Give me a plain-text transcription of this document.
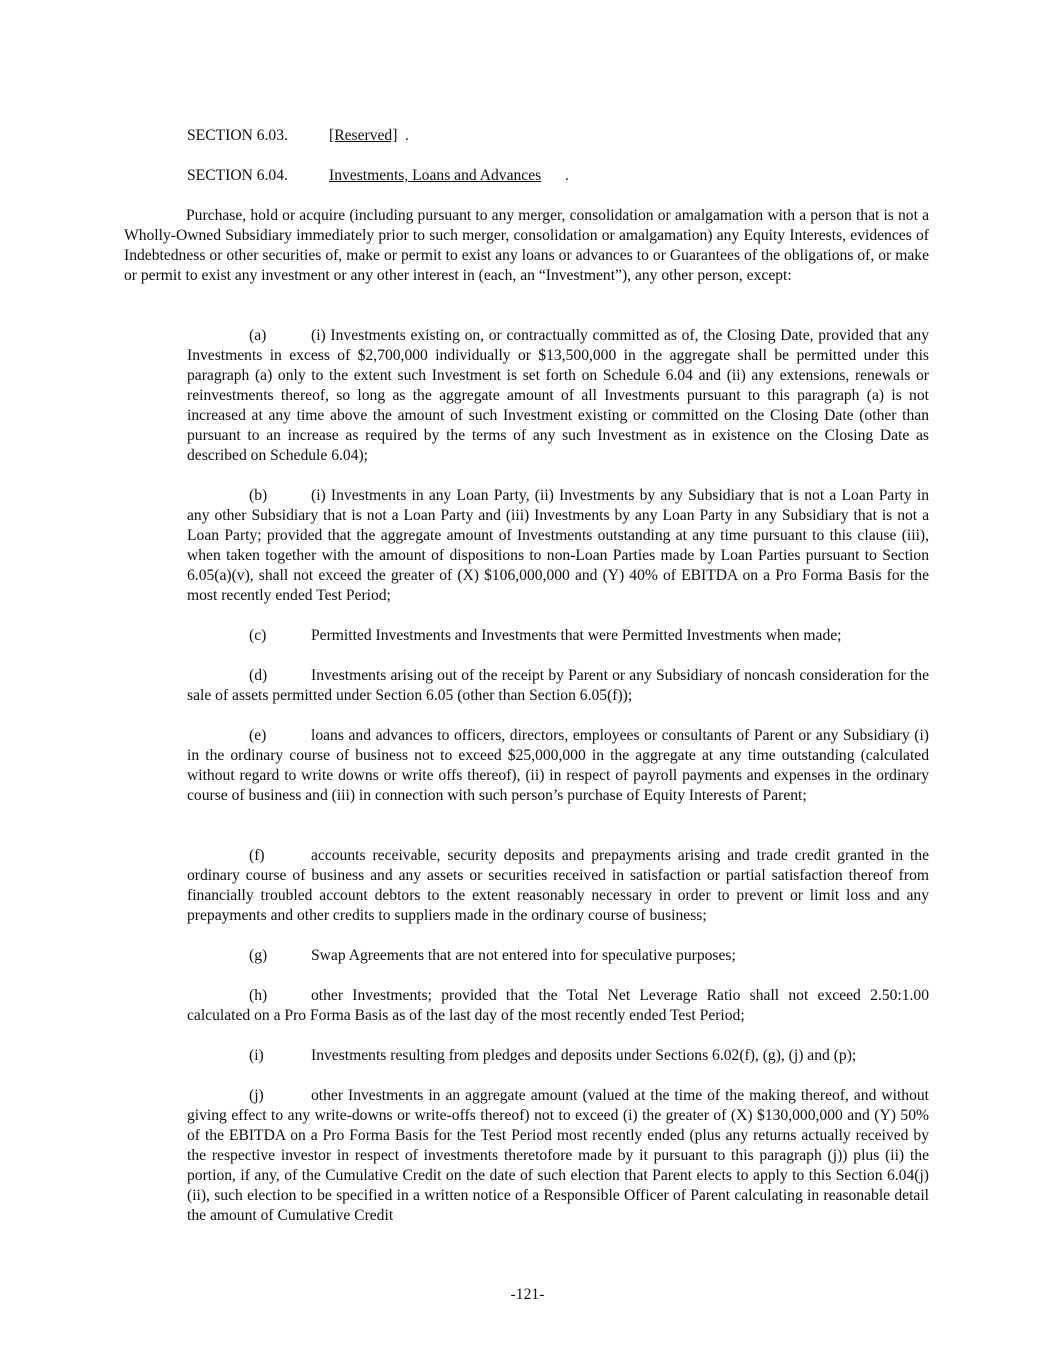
SECTION 6.03.	[Reserved] .
SECTION 6.04.	Investments, Loans and Advances .

Purchase, hold or acquire (including pursuant to any merger, consolidation or amalgamation with a person that is not a Wholly-Owned Subsidiary immediately prior to such merger, consolidation or amalgamation) any Equity Interests, evidences of Indebtedness or other securities of, make or permit to exist any loans or advances to or Guarantees of the obligations of, or make or permit to exist any investment or any other interest in (each, an “Investment”), any other person, except:

(a)	(i) Investments existing on, or contractually committed as of, the Closing Date, provided that any Investments in excess of $2,700,000 individually or $13,500,000 in the aggregate shall be permitted under this paragraph (a) only to the extent such Investment is set forth on Schedule 6.04 and (ii) any extensions, renewals or reinvestments thereof, so long as the aggregate amount of all Investments pursuant to this paragraph (a) is not increased at any time above the amount of such Investment existing or committed on the Closing Date (other than pursuant to an increase as required by the terms of any such Investment as in existence on the Closing Date as described on Schedule 6.04);

(b)	(i) Investments in any Loan Party, (ii) Investments by any Subsidiary that is not a Loan Party in any other Subsidiary that is not a Loan Party and (iii) Investments by any Loan Party in any Subsidiary that is not a Loan Party; provided that the aggregate amount of Investments outstanding at any time pursuant to this clause (iii), when taken together with the amount of dispositions to non-Loan Parties made by Loan Parties pursuant to Section 6.05(a)(v), shall not exceed the greater of (X) $106,000,000 and (Y) 40% of EBITDA on a Pro Forma Basis for the most recently ended Test Period;

(c)	Permitted Investments and Investments that were Permitted Investments when made;

(d)	Investments arising out of the receipt by Parent or any Subsidiary of noncash consideration for the sale of assets permitted under Section 6.05 (other than Section 6.05(f));

(e)	loans and advances to officers, directors, employees or consultants of Parent or any Subsidiary (i) in the ordinary course of business not to exceed $25,000,000 in the aggregate at any time outstanding (calculated without regard to write downs or write offs thereof), (ii) in respect of payroll payments and expenses in the ordinary course of business and (iii) in connection with such person’s purchase of Equity Interests of Parent;

(f)	accounts receivable, security deposits and prepayments arising and trade credit granted in the ordinary course of business and any assets or securities received in satisfaction or partial satisfaction thereof from financially troubled account debtors to the extent reasonably necessary in order to prevent or limit loss and any prepayments and other credits to suppliers made in the ordinary course of business;

(g)	Swap Agreements that are not entered into for speculative purposes;

(h)	other Investments; provided that the Total Net Leverage Ratio shall not exceed 2.50:1.00 calculated on a Pro Forma Basis as of the last day of the most recently ended Test Period;

(i)	Investments resulting from pledges and deposits under Sections 6.02(f), (g), (j) and (p);

(j)	other Investments in an aggregate amount (valued at the time of the making thereof, and without giving effect to any write-downs or write-offs thereof) not to exceed (i) the greater of (X) $130,000,000 and (Y) 50% of the EBITDA on a Pro Forma Basis for the Test Period most recently ended (plus any returns actually received by the respective investor in respect of investments theretofore made by it pursuant to this paragraph (j)) plus (ii) the portion, if any, of the Cumulative Credit on the date of such election that Parent elects to apply to this Section 6.04(j)(ii), such election to be specified in a written notice of a Responsible Officer of Parent calculating in reasonable detail the amount of Cumulative Credit

-121-
